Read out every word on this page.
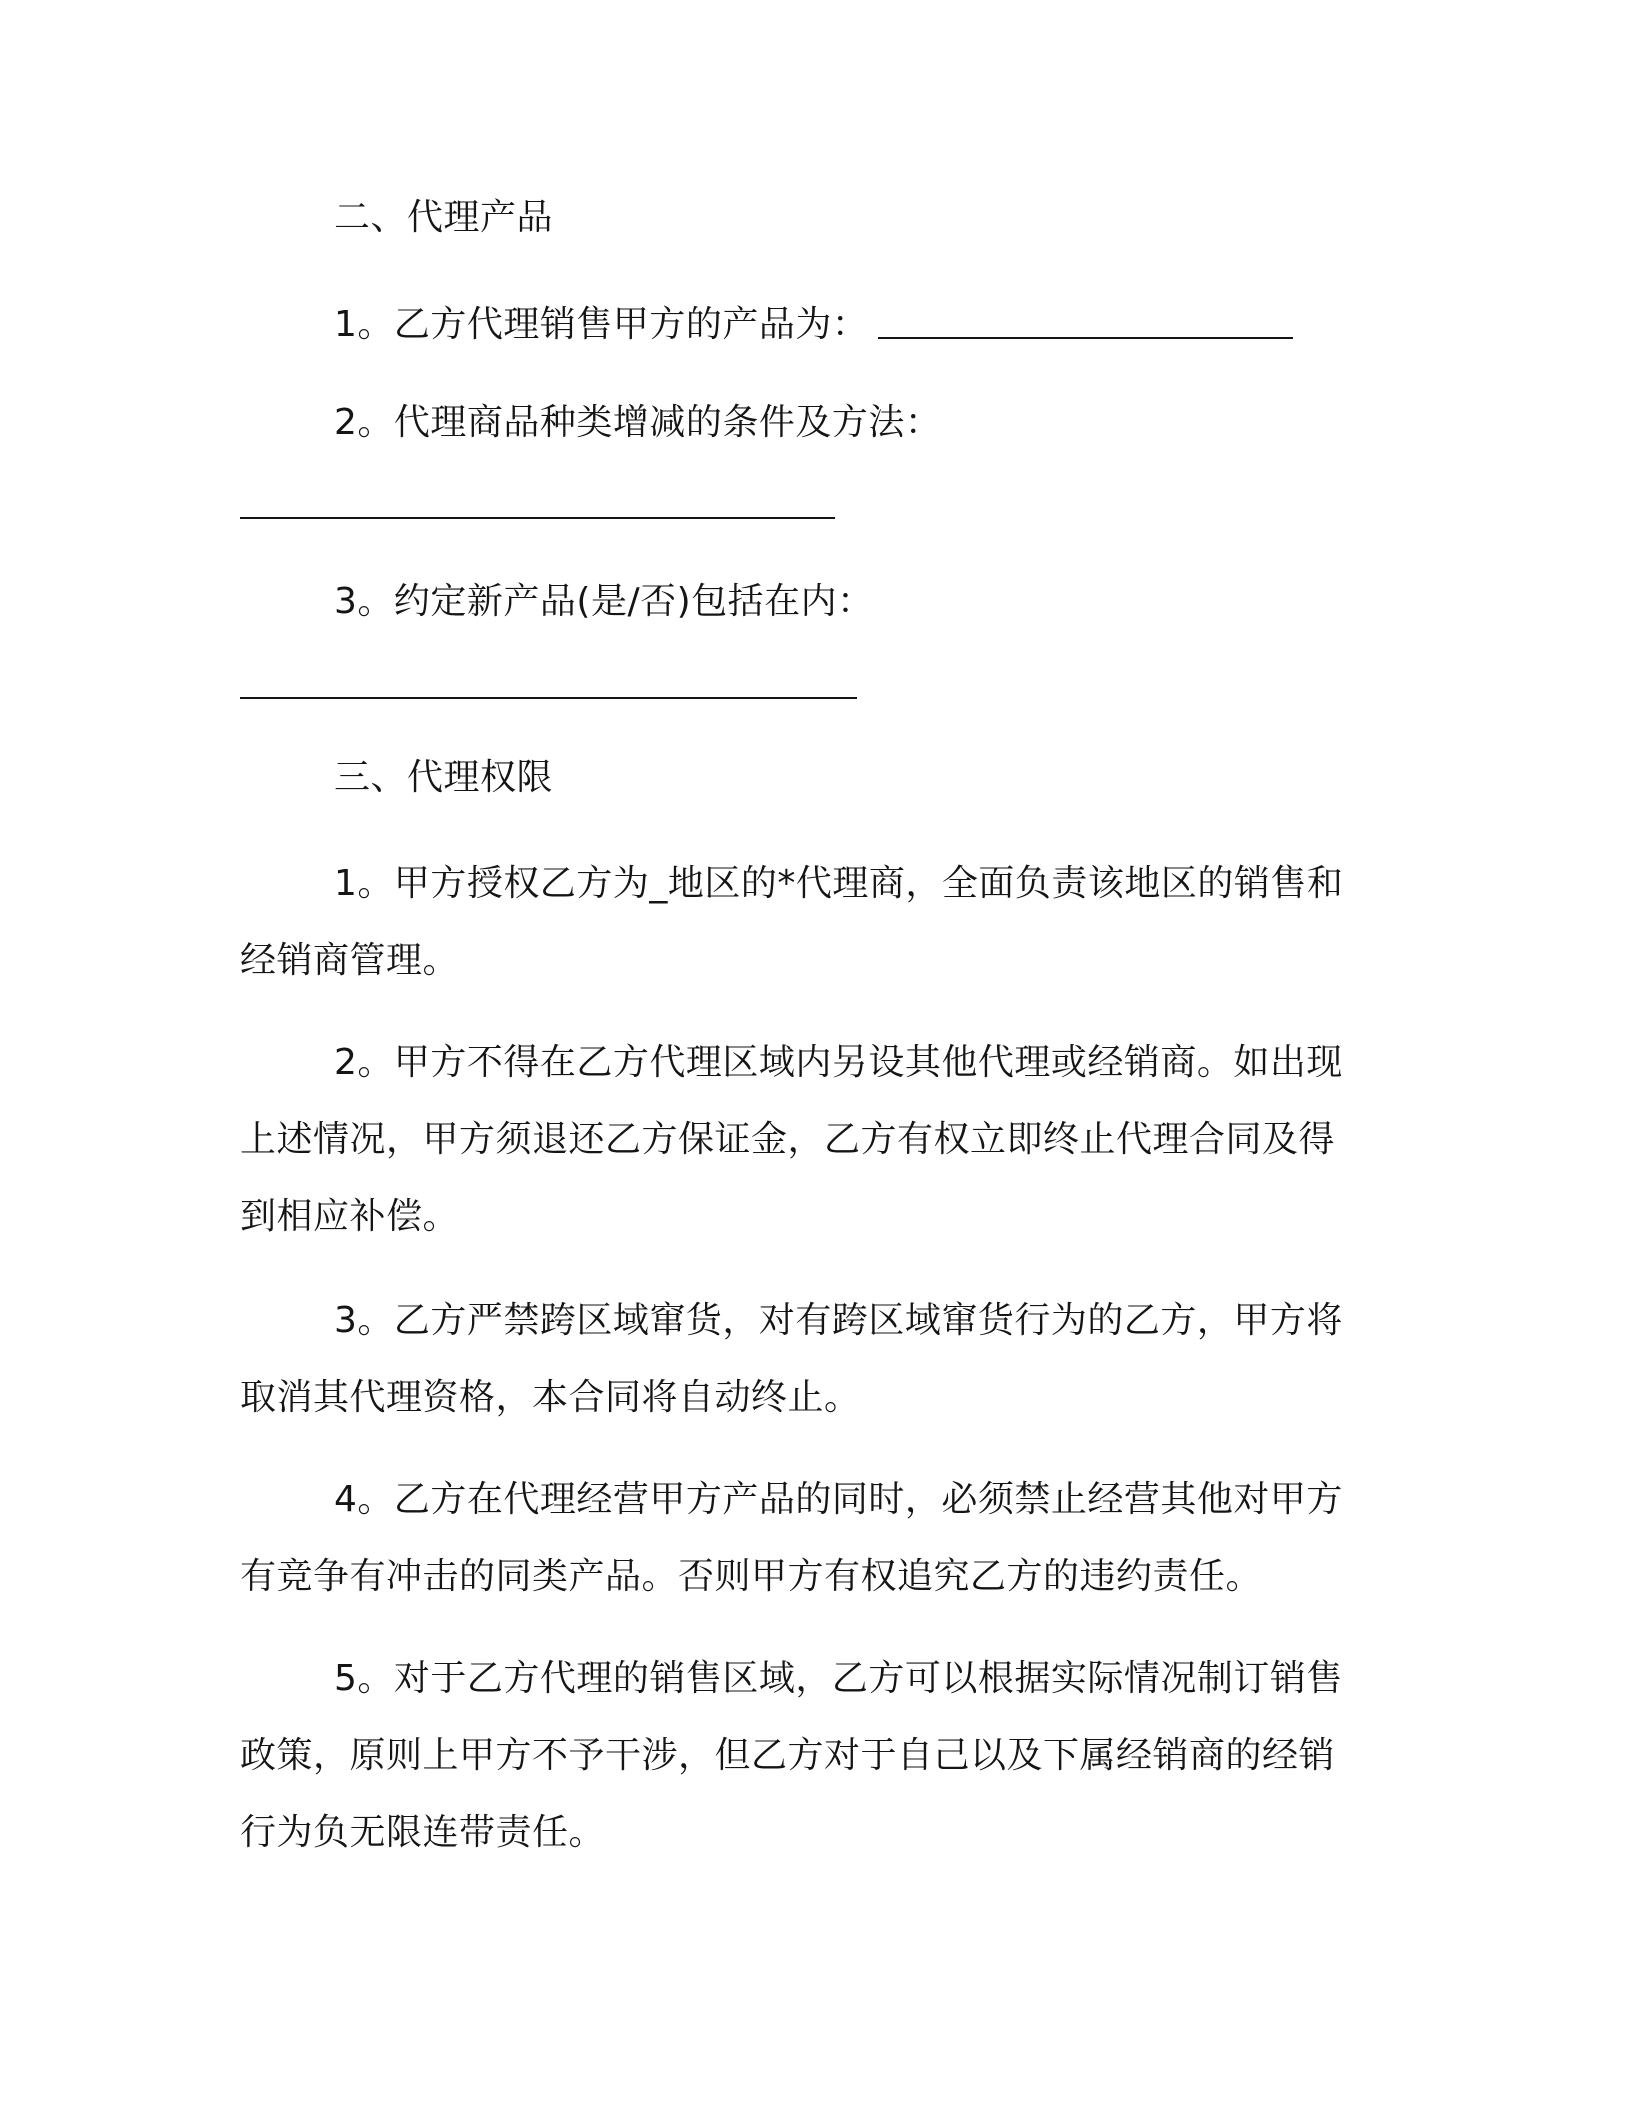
二、代理产品
1。乙方代理销售甲方的产品为：
2。代理商品种类增减的条件及方法：
3。约定新产品(是/否)包括在内：
三、代理权限
1。甲方授权乙方为_地区的*代理商，全面负责该地区的销售和
经销商管理。
2。甲方不得在乙方代理区域内另设其他代理或经销商。如出现
上述情况，甲方须退还乙方保证金，乙方有权立即终止代理合同及得
到相应补偿。
3。乙方严禁跨区域窜货，对有跨区域窜货行为的乙方，甲方将
取消其代理资格，本合同将自动终止。
4。乙方在代理经营甲方产品的同时，必须禁止经营其他对甲方
有竞争有冲击的同类产品。否则甲方有权追究乙方的违约责任。
5。对于乙方代理的销售区域，乙方可以根据实际情况制订销售
政策，原则上甲方不予干涉，但乙方对于自己以及下属经销商的经销
行为负无限连带责任。
